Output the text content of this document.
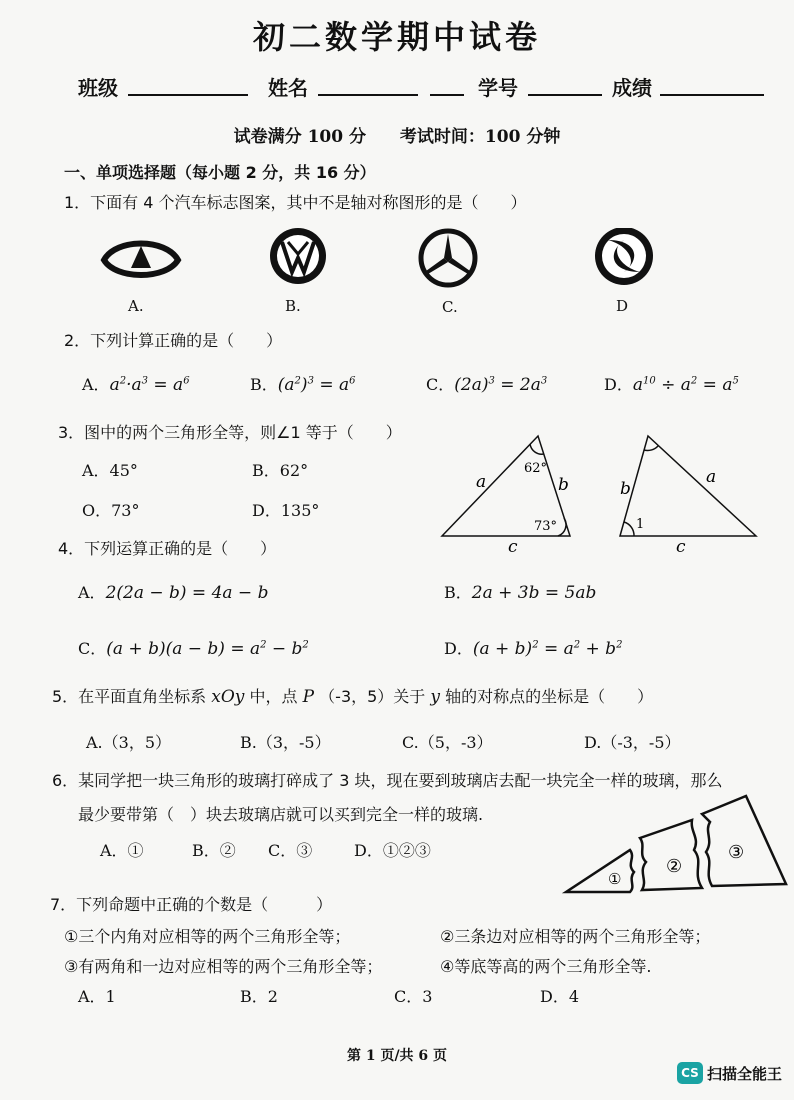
初二数学期中试卷
班级	姓名	学号	成绩
试卷满分 100 分 考试时间：100 分钟
一、单项选择题（每小题 2 分，共 16 分）
1．下面有 4 个汽车标志图案，其中不是轴对称图形的是（　　）
A.	B.	C.	D
2．下列计算正确的是（　　）
A．$a^2\cdot a^3 = a^6$	B．$(a^2)^3 = a^6$	C．$(2a)^3 = 2a^3$	D．$a^{10} \div a^2 = a^5$
3．图中的两个三角形全等，则∠1 等于（　　）
A．45°	B．62°
O．73°	D．135°
a	b
c
62°
73°
b
a
c
1
4．下列运算正确的是（　　）
A．2(2a − b) = 4a − b	B．2a + 3b = 5ab
C．$(a + b)(a - b) = a^2 - b^2$	D．$(a + b)^2 = a^2 + b^2$
5．在平面直角坐标系 xOy 中，点 P （-3，5）关于 y 轴的对称点的坐标是（　　）
A.（3，5）	B.（3，-5）	C.（5，-3）	D.（-3，-5）
6．某同学把一块三角形的玻璃打碎成了 3 块，现在要到玻璃店去配一块完全一样的玻璃，那么
最少要带第（　）块去玻璃店就可以买到完全一样的玻璃.
A．①	B．② C．③	D．①②③
①
②
③
7．下列命题中正确的个数是（　　　）
①三个内角对应相等的两个三角形全等；	②三条边对应相等的两个三角形全等；
③有两角和一边对应相等的两个三角形全等；	④等底等高的两个三角形全等.
A．1	B．2	C．3	D．4
第 1 页/共 6 页
CS 扫描全能王
